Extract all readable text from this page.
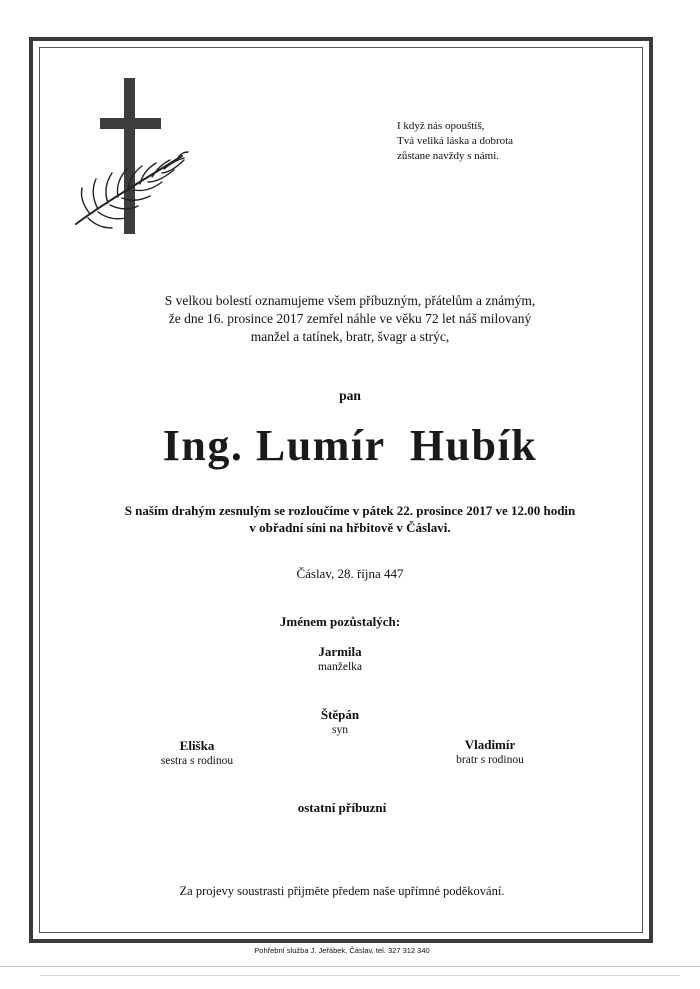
I když nás opouštíš,
Tvá veliká láska a dobrota
zůstane navždy s námi.
S velkou bolestí oznamujeme všem příbuzným, přátelům a známým,
že dne 16. prosince 2017 zemřel náhle ve věku 72 let náš milovaný
manžel a tatínek, bratr, švagr a strýc,
pan
Ing. Lumír  Hubík
S naším drahým zesnulým se rozloučíme v pátek 22. prosince 2017 ve 12.00 hodin
v obřadní síni na hřbitově v Čáslavi.
Čáslav, 28. října 447
Jménem pozůstalých:
Jarmila
manželka
Štěpán
syn
Eliška
sestra s rodinou
Vladimír
bratr s rodinou
ostatní příbuzní
Za projevy soustrasti přijměte předem naše upřímné poděkování.
Pohřební služba J. Jeřábek, Čáslav, tel. 327 312 340
